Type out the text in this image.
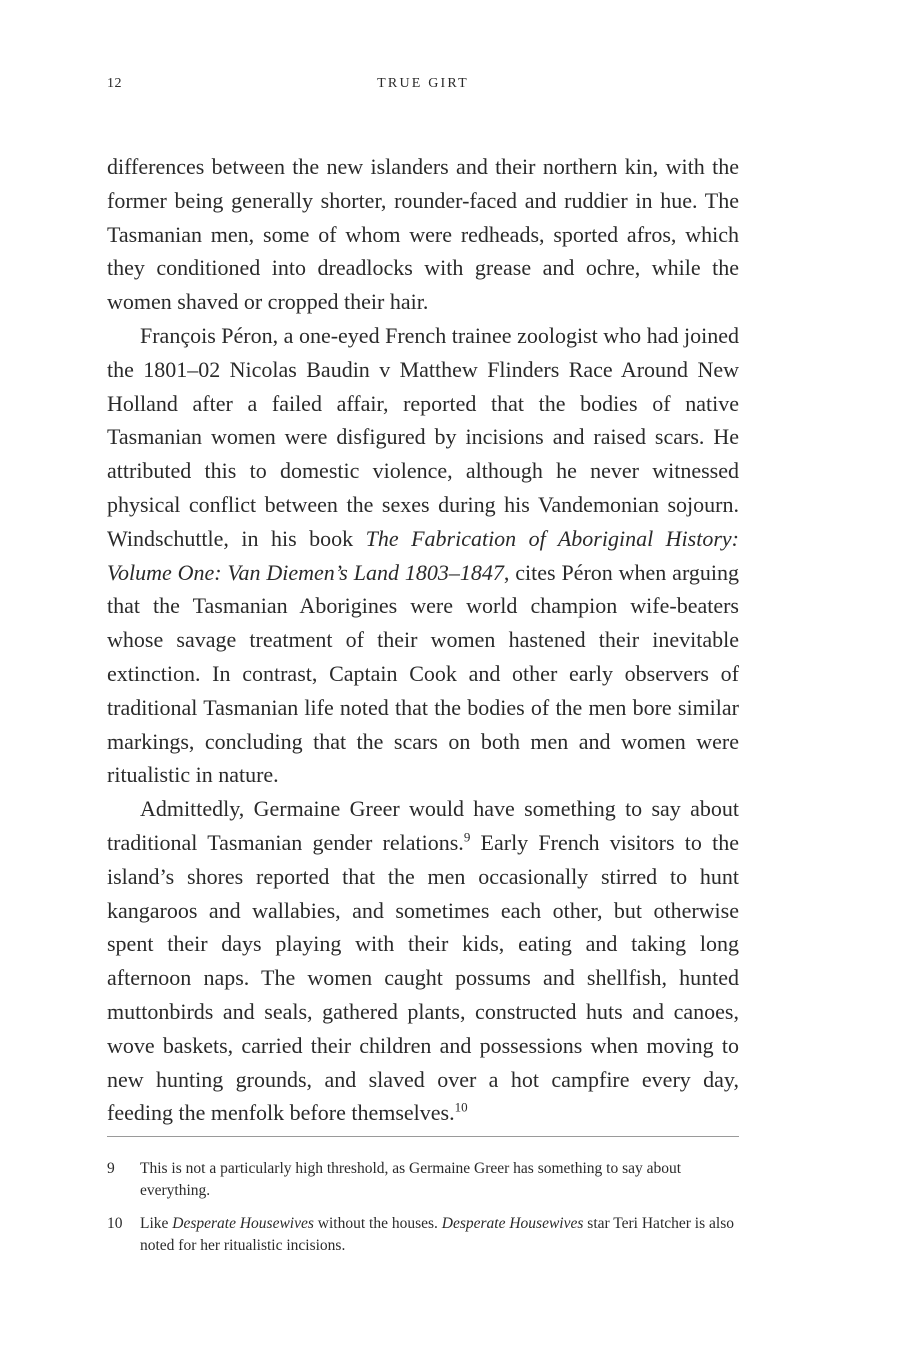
12	TRUE GIRT

differences between the new islanders and their northern kin, with the former being generally shorter, rounder-faced and ruddier in hue. The Tasmanian men, some of whom were redheads, sported afros, which they conditioned into dreadlocks with grease and ochre, while the women shaved or cropped their hair.

François Péron, a one-eyed French trainee zoologist who had joined the 1801–02 Nicolas Baudin v Matthew Flinders Race Around New Holland after a failed affair, reported that the bodies of native Tasmanian women were disfigured by incisions and raised scars. He attributed this to domestic violence, although he never witnessed physical conflict between the sexes during his Vandemonian sojourn. Windschuttle, in his book The Fabrication of Aboriginal History: Volume One: Van Diemen’s Land 1803–1847, cites Péron when arguing that the Tasmanian Aborigines were world champion wife-beaters whose savage treatment of their women hastened their inevitable extinction. In contrast, Captain Cook and other early observers of traditional Tasmanian life noted that the bodies of the men bore similar markings, concluding that the scars on both men and women were ritualistic in nature.

Admittedly, Germaine Greer would have something to say about traditional Tasmanian gender relations.$^9$ Early French visitors to the island’s shores reported that the men occasionally stirred to hunt kangaroos and wallabies, and sometimes each other, but otherwise spent their days playing with their kids, eating and taking long afternoon naps. The women caught possums and shellfish, hunted muttonbirds and seals, gathered plants, constructed huts and canoes, wove baskets, carried their children and possessions when moving to new hunting grounds, and slaved over a hot campfire every day, feeding the menfolk before themselves.$^{10}$

9	This is not a particularly high threshold, as Germaine Greer has something to say about everything.
10	Like Desperate Housewives without the houses. Desperate Housewives star Teri Hatcher is also noted for her ritualistic incisions.
